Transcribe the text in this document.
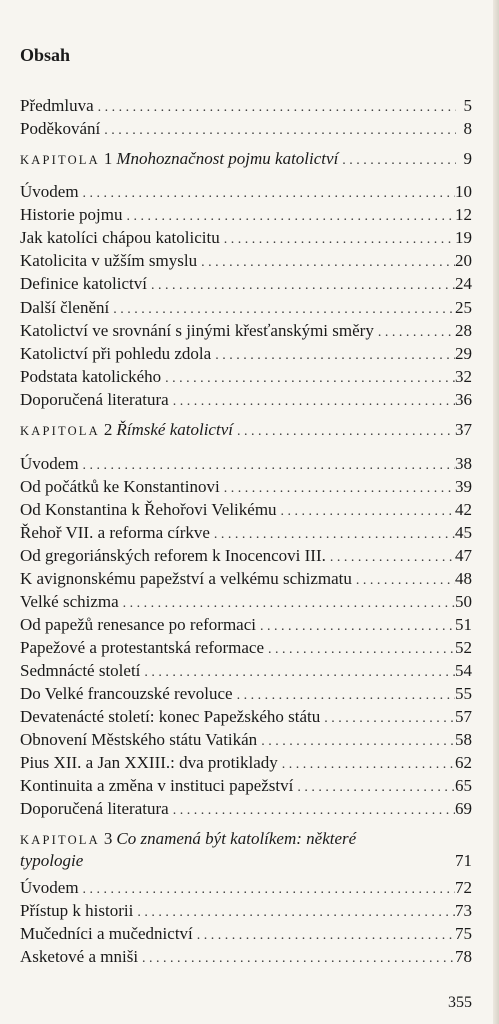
Obsah
Předmluva . . .	5
Poděkování . . .	8
KAPITOLA 1 Mnohoznačnost pojmu katolictví . . .	9
Úvodem . . .	10
Historie pojmu . . .	12
Jak katolíci chápou katolicitu . . .	19
Katolicita v užším smyslu . . .	20
Definice katolictví . . .	24
Další členění . . .	25
Katolictví ve srovnání s jinými křesťanskými směry . . .	28
Katolictví při pohledu zdola . . .	29
Podstata katolického . . .	32
Doporučená literatura . . .	36
KAPITOLA 2 Římské katolictví . . .	37
Úvodem . . .	38
Od počátků ke Konstantinovi . . .	39
Od Konstantina k Řehořovi Velikému . . .	42
Řehoř VII. a reforma církve . . .	45
Od gregoriánských reforem k Inocencovi III. . . .	47
K avignonskému papežství a velkému schizmatu . . .	48
Velké schizma . . .	50
Od papežů renesance po reformaci . . .	51
Papežové a protestantská reformace . . .	52
Sedmnácté století . . .	54
Do Velké francouzské revoluce . . .	55
Devatenácté století: konec Papežského státu . . .	57
Obnovení Městského státu Vatikán . . .	58
Pius XII. a Jan XXIII.: dva protiklady . . .	62
Kontinuita a změna v instituci papežství . . .	65
Doporučená literatura . . .	69
KAPITOLA 3 Co znamená být katolíkem: některé
typologie	71
Úvodem . . .	72
Přístup k historii . . .	73
Mučedníci a mučednictví . . .	75
Asketové a mniši . . .	78
355
